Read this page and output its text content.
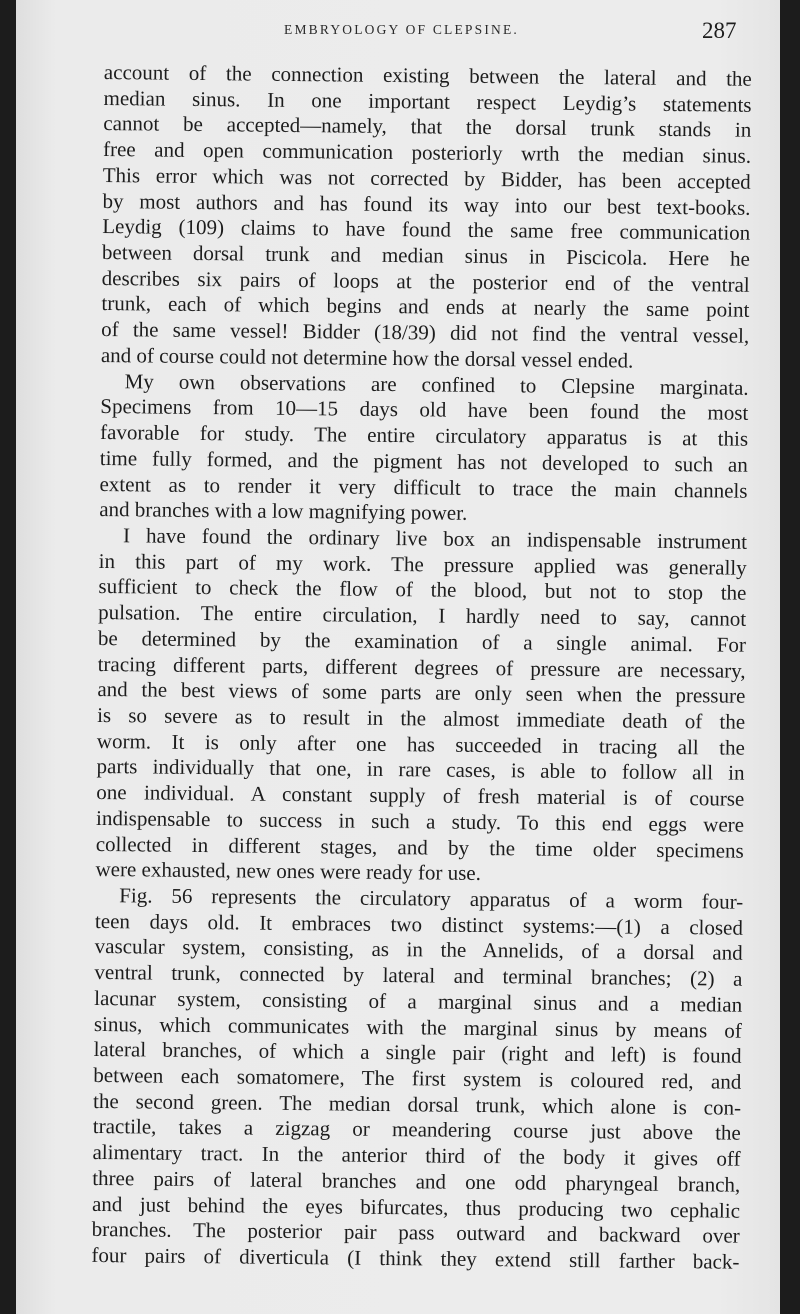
EMBRYOLOGY OF CLEPSINE.	287

account of the connection existing between the lateral and the

median sinus. In one important respect Leydig’s statements

cannot be accepted—namely, that the dorsal trunk stands in

free and open communication posteriorly wrth the median sinus.

This error which was not corrected by Bidder, has been accepted

by most authors and has found its way into our best text-books.

Leydig (109) claims to have found the same free communication

between dorsal trunk and median sinus in Piscicola. Here he

describes six pairs of loops at the posterior end of the ventral

trunk, each of which begins and ends at nearly the same point

of the same vessel! Bidder (18/39) did not find the ventral vessel,

and of course could not determine how the dorsal vessel ended.

My own observations are confined to Clepsine marginata.

Specimens from 10—15 days old have been found the most

favorable for study. The entire circulatory apparatus is at this

time fully formed, and the pigment has not developed to such an

extent as to render it very difficult to trace the main channels

and branches with a low magnifying power.

I have found the ordinary live box an indispensable instrument

in this part of my work. The pressure applied was generally

sufficient to check the flow of the blood, but not to stop the

pulsation. The entire circulation, I hardly need to say, cannot

be determined by the examination of a single animal. For

tracing different parts, different degrees of pressure are necessary,

and the best views of some parts are only seen when the pressure

is so severe as to result in the almost immediate death of the

worm. It is only after one has succeeded in tracing all the

parts individually that one, in rare cases, is able to follow all in

one individual. A constant supply of fresh material is of course

indispensable to success in such a study. To this end eggs were

collected in different stages, and by the time older specimens

were exhausted, new ones were ready for use.

Fig. 56 represents the circulatory apparatus of a worm four-

teen days old. It embraces two distinct systems:—(1) a closed

vascular system, consisting, as in the Annelids, of a dorsal and

ventral trunk, connected by lateral and terminal branches; (2) a

lacunar system, consisting of a marginal sinus and a median

sinus, which communicates with the marginal sinus by means of

lateral branches, of which a single pair (right and left) is found

between each somatomere, The first system is coloured red, and

the second green. The median dorsal trunk, which alone is con-

tractile, takes a zigzag or meandering course just above the

alimentary tract. In the anterior third of the body it gives off

three pairs of lateral branches and one odd pharyngeal branch,

and just behind the eyes bifurcates, thus producing two cephalic

branches. The posterior pair pass outward and backward over

four pairs of diverticula (I think they extend still farther back-
